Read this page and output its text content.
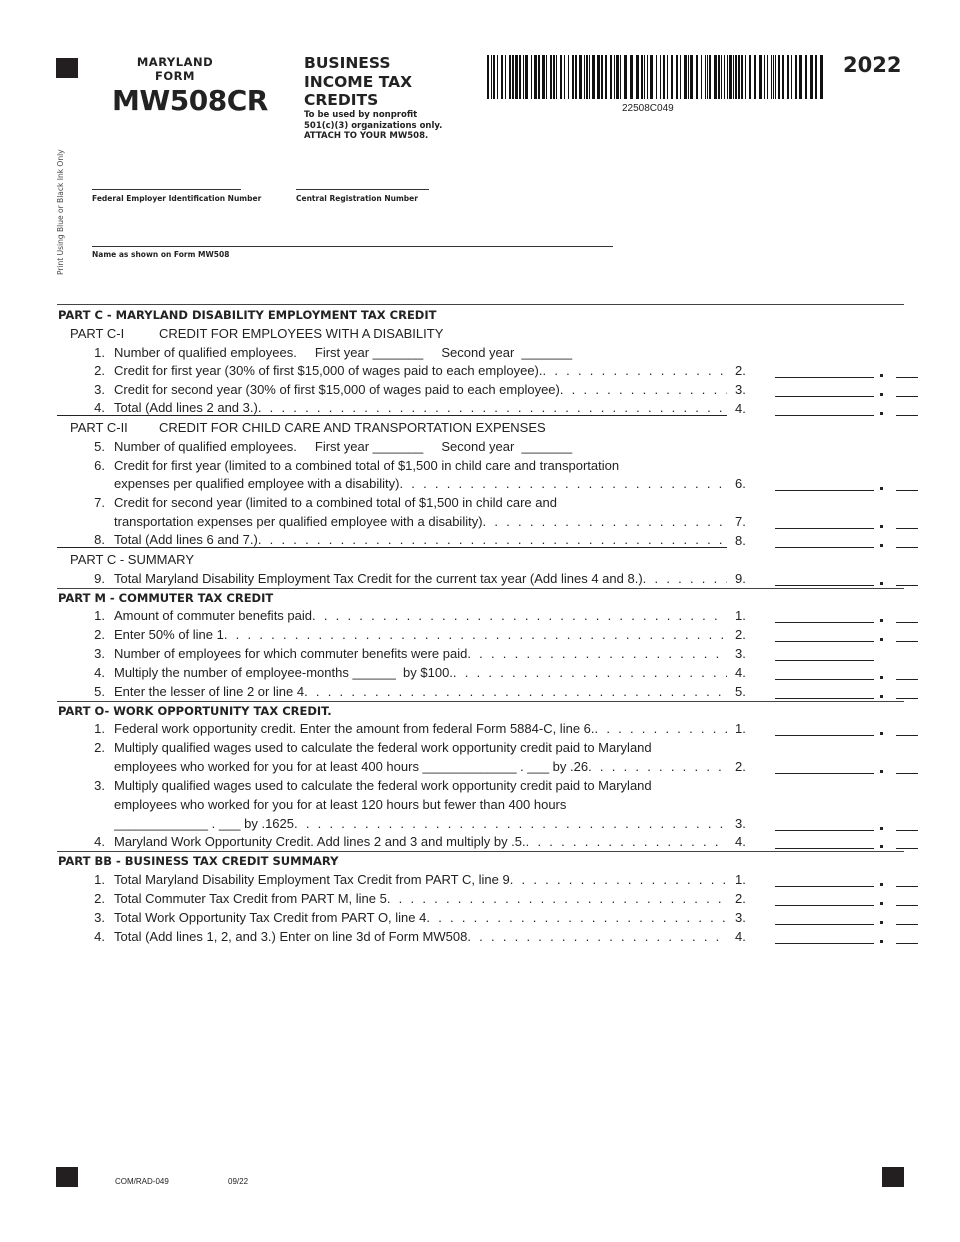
MARYLAND
FORM
MW508CR
BUSINESS
INCOME TAX
CREDITS
To be used by nonprofit 501(c)(3) organizations only. ATTACH TO YOUR MW508.
22508C049
2022
Print Using Blue or Black Ink Only	Federal Employer Identification Number	Central Registration Number
Name as shown on Form MW508
PART C - MARYLAND DISABILITY EMPLOYMENT TAX CREDIT
PART C-I	CREDIT FOR EMPLOYEES WITH A DISABILITY
1. Number of qualified employees.     First year _______     Second year  _______
2. Credit for first year (30% of first $15,000 of wages paid to each employee). . . .	2.
3. Credit for second year (30% of first $15,000 of wages paid to each employee) . . .	3.
4. Total (Add lines 2 and 3.) . . .	4.
PART C-II CREDIT FOR CHILD CARE AND TRANSPORTATION EXPENSES
5. Number of qualified employees.     First year _______     Second year  _______
6. Credit for first year (limited to a combined total of $1,500 in child care and transportation
expenses per qualified employee with a disability) . . .	6.
7. Credit for second year (limited to a combined total of $1,500 in child care and
transportation expenses per qualified employee with a disability) . . .	7.
8. Total (Add lines 6 and 7.) . . .	8.
PART C - SUMMARY
9. Total Maryland Disability Employment Tax Credit for the current tax year (Add lines 4 and 8.) . . .	9.
PART M - COMMUTER TAX CREDIT
1. Amount of commuter benefits paid . . .	1.
2. Enter 50% of line 1 . . .	2.
3. Number of employees for which commuter benefits were paid . . .	3.
4. Multiply the number of employee-months ______  by $100. . . .	4.
5. Enter the lesser of line 2 or line 4 . . .	5.
PART O- WORK OPPORTUNITY TAX CREDIT.
1. Federal work opportunity credit. Enter the amount from federal Form 5884-C, line 6. . . .	1.
2. Multiply qualified wages used to calculate the federal work opportunity credit paid to Maryland
employees who worked for you for at least 400 hours _____________ . ___ by .26 . . .	2.
3. Multiply qualified wages used to calculate the federal work opportunity credit paid to Maryland
employees who worked for you for at least 120 hours but fewer than 400 hours
_____________ . ___ by .1625 . . .	3.
4. Maryland Work Opportunity Credit. Add lines 2 and 3 and multiply by .5. . . .	4.
PART BB - BUSINESS TAX CREDIT SUMMARY
1. Total Maryland Disability Employment Tax Credit from PART C, line 9 . . .	1.
2. Total Commuter Tax Credit from PART M, line 5 . . .	2.
3. Total Work Opportunity Tax Credit from PART O, line 4 . . .	3.
4. Total (Add lines 1, 2, and 3.) Enter on line 3d of Form MW508 . . .	4.
COM/RAD-049	09/22
